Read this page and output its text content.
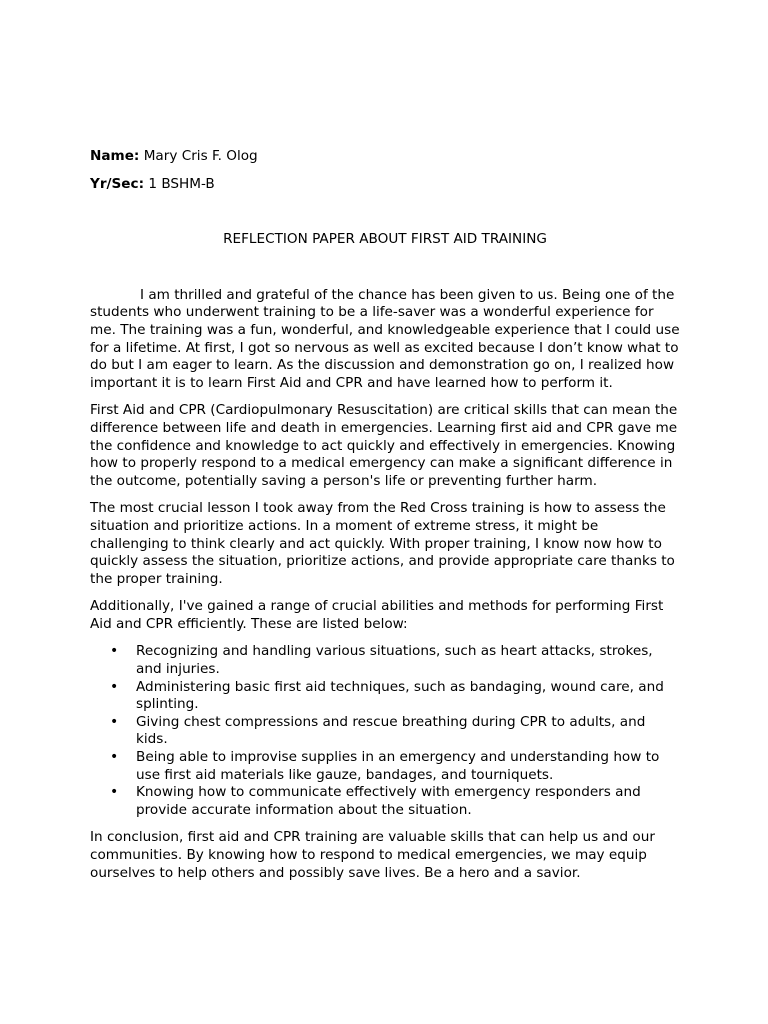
Name: Mary Cris F. Olog

Yr/Sec: 1 BSHM-B

REFLECTION PAPER ABOUT FIRST AID TRAINING

I am thrilled and grateful of the chance has been given to us. Being one of the students who underwent training to be a life-saver was a wonderful experience for me. The training was a fun, wonderful, and knowledgeable experience that I could use for a lifetime. At first, I got so nervous as well as excited because I don’t know what to do but I am eager to learn. As the discussion and demonstration go on, I realized how important it is to learn First Aid and CPR and have learned how to perform it.

First Aid and CPR (Cardiopulmonary Resuscitation) are critical skills that can mean the difference between life and death in emergencies. Learning first aid and CPR gave me the confidence and knowledge to act quickly and effectively in emergencies. Knowing how to properly respond to a medical emergency can make a significant difference in the outcome, potentially saving a person's life or preventing further harm.

The most crucial lesson I took away from the Red Cross training is how to assess the situation and prioritize actions. In a moment of extreme stress, it might be challenging to think clearly and act quickly. With proper training, I know now how to quickly assess the situation, prioritize actions, and provide appropriate care thanks to the proper training.

Additionally, I've gained a range of crucial abilities and methods for performing First Aid and CPR efficiently. These are listed below:

• Recognizing and handling various situations, such as heart attacks, strokes, and injuries.
• Administering basic first aid techniques, such as bandaging, wound care, and splinting.
• Giving chest compressions and rescue breathing during CPR to adults, and kids.
• Being able to improvise supplies in an emergency and understanding how to use first aid materials like gauze, bandages, and tourniquets.
• Knowing how to communicate effectively with emergency responders and provide accurate information about the situation.

In conclusion, first aid and CPR training are valuable skills that can help us and our communities. By knowing how to respond to medical emergencies, we may equip ourselves to help others and possibly save lives. Be a hero and a savior.
